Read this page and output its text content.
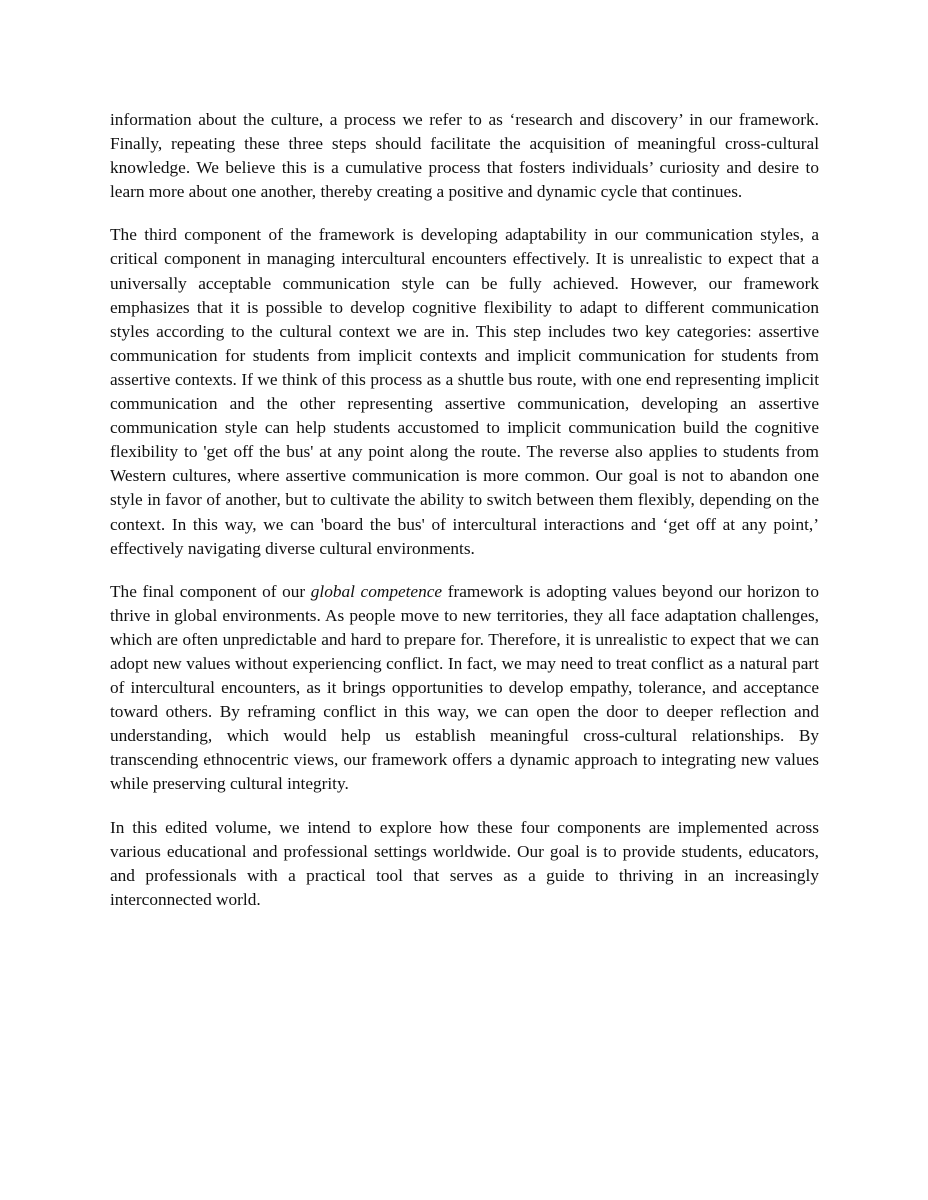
information about the culture, a process we refer to as ‘research and discovery’ in our framework. Finally, repeating these three steps should facilitate the acquisition of meaningful cross-cultural knowledge. We believe this is a cumulative process that fosters individuals’ curiosity and desire to learn more about one another, thereby creating a positive and dynamic cycle that continues.

The third component of the framework is developing adaptability in our communication styles, a critical component in managing intercultural encounters effectively. It is unrealistic to expect that a universally acceptable communication style can be fully achieved. However, our framework emphasizes that it is possible to develop cognitive flexibility to adapt to different communication styles according to the cultural context we are in. This step includes two key categories: assertive communication for students from implicit contexts and implicit communication for students from assertive contexts. If we think of this process as a shuttle bus route, with one end representing implicit communication and the other representing assertive communication, developing an assertive communication style can help students accustomed to implicit communication build the cognitive flexibility to 'get off the bus' at any point along the route. The reverse also applies to students from Western cultures, where assertive communication is more common. Our goal is not to abandon one style in favor of another, but to cultivate the ability to switch between them flexibly, depending on the context. In this way, we can 'board the bus' of intercultural interactions and ‘get off at any point,’ effectively navigating diverse cultural environments.

The final component of our global competence framework is adopting values beyond our horizon to thrive in global environments. As people move to new territories, they all face adaptation challenges, which are often unpredictable and hard to prepare for. Therefore, it is unrealistic to expect that we can adopt new values without experiencing conflict. In fact, we may need to treat conflict as a natural part of intercultural encounters, as it brings opportunities to develop empathy, tolerance, and acceptance toward others. By reframing conflict in this way, we can open the door to deeper reflection and understanding, which would help us establish meaningful cross-cultural relationships. By transcending ethnocentric views, our framework offers a dynamic approach to integrating new values while preserving cultural integrity.

In this edited volume, we intend to explore how these four components are implemented across various educational and professional settings worldwide. Our goal is to provide students, educators, and professionals with a practical tool that serves as a guide to thriving in an increasingly interconnected world.
